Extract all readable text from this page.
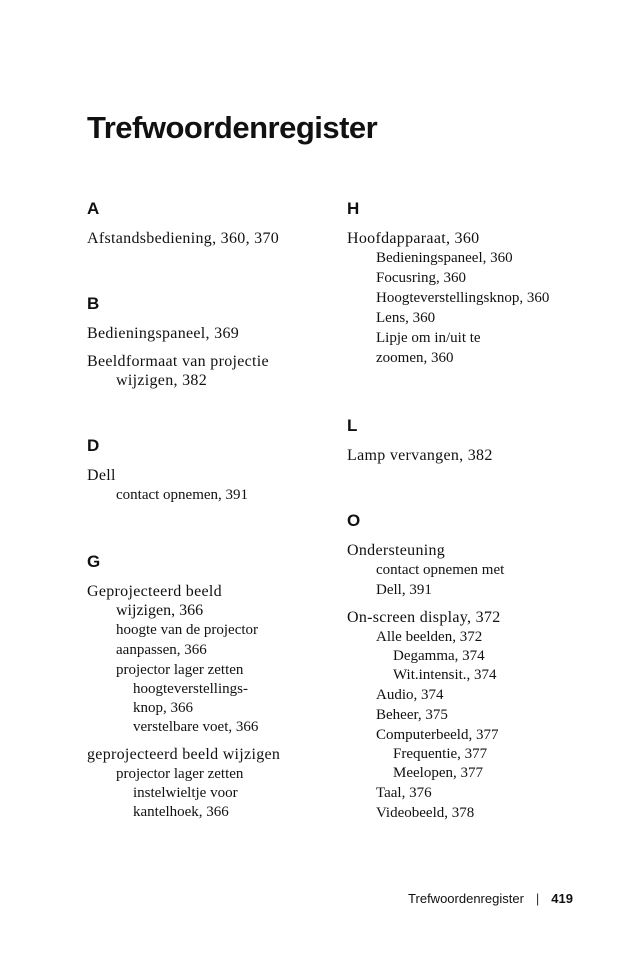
Trefwoordenregister
A
Afstandsbediening, 360, 370
B
Bedieningspaneel, 369
Beeldformaat van projectie
wijzigen, 382
D
Dell
contact opnemen, 391
G
Geprojecteerd beeld
wijzigen, 366
hoogte van de projector
aanpassen, 366
projector lager zetten
hoogteverstellings-
knop, 366
verstelbare voet, 366
geprojecteerd beeld wijzigen
projector lager zetten
instelwieltje voor
kantelhoek, 366
H
Hoofdapparaat, 360
Bedieningspaneel, 360
Focusring, 360
Hoogteverstellingsknop, 360
Lens, 360
Lipje om in/uit te
zoomen, 360
L
Lamp vervangen, 382
O
Ondersteuning
contact opnemen met
Dell, 391
On-screen display, 372
Alle beelden, 372
Degamma, 374
Wit.intensit., 374
Audio, 374
Beheer, 375
Computerbeeld, 377
Frequentie, 377
Meelopen, 377
Taal, 376
Videobeeld, 378
Trefwoordenregister | 419
